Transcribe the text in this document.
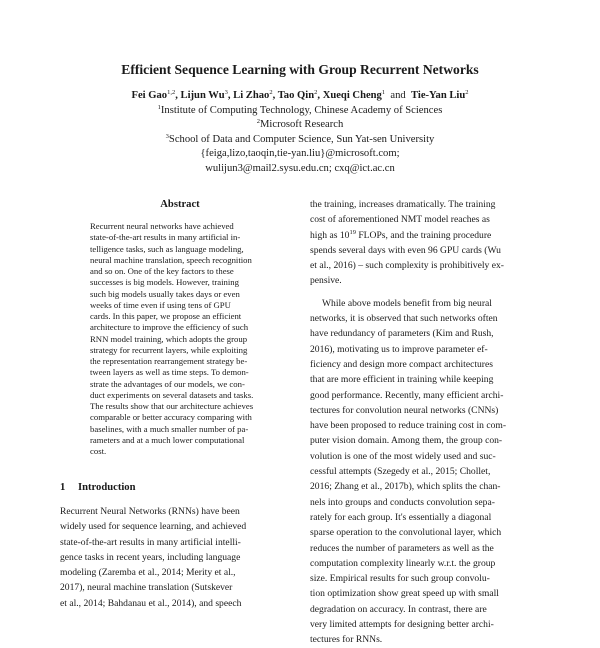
Efficient Sequence Learning with Group Recurrent Networks
Fei Gao$^{1,2}$, Lijun Wu$^3$, Li Zhao$^2$, Tao Qin$^2$, Xueqi Cheng$^1$ and Tie-Yan Liu$^2$
$^1$Institute of Computing Technology, Chinese Academy of Sciences
$^2$Microsoft Research
$^3$School of Data and Computer Science, Sun Yat-sen University
{feiga,lizo,taoqin,tie-yan.liu}@microsoft.com;
wulijun3@mail2.sysu.edu.cn; cxq@ict.ac.cn
Abstract
Recurrent neural networks have achieved
state-of-the-art results in many artificial in-
telligence tasks, such as language modeling,
neural machine translation, speech recognition
and so on. One of the key factors to these
successes is big models. However, training
such big models usually takes days or even
weeks of time even if using tens of GPU
cards. In this paper, we propose an efficient
architecture to improve the efficiency of such
RNN model training, which adopts the group
strategy for recurrent layers, while exploiting
the representation rearrangement strategy be-
tween layers as well as time steps. To demon-
strate the advantages of our models, we con-
duct experiments on several datasets and tasks.
The results show that our architecture achieves
comparable or better accuracy comparing with
baselines, with a much smaller number of pa-
rameters and at a much lower computational
cost.
1 Introduction
Recurrent Neural Networks (RNNs) have been
widely used for sequence learning, and achieved
state-of-the-art results in many artificial intelli-
gence tasks in recent years, including language
modeling (Zaremba et al., 2014; Merity et al.,
2017), neural machine translation (Sutskever
et al., 2014; Bahdanau et al., 2014), and speech
the training, increases dramatically. The training
cost of aforementioned NMT model reaches as
high as $10^{19}$ FLOPs, and the training procedure
spends several days with even 96 GPU cards (Wu
et al., 2016) – such complexity is prohibitively ex-
pensive.
While above models benefit from big neural
networks, it is observed that such networks often
have redundancy of parameters (Kim and Rush,
2016), motivating us to improve parameter ef-
ficiency and design more compact architectures
that are more efficient in training while keeping
good performance. Recently, many efficient archi-
tectures for convolution neural networks (CNNs)
have been proposed to reduce training cost in com-
puter vision domain. Among them, the group con-
volution is one of the most widely used and suc-
cessful attempts (Szegedy et al., 2015; Chollet,
2016; Zhang et al., 2017b), which splits the chan-
nels into groups and conducts convolution sepa-
rately for each group. It's essentially a diagonal
sparse operation to the convolutional layer, which
reduces the number of parameters as well as the
computation complexity linearly w.r.t. the group
size. Empirical results for such group convolu-
tion optimization show great speed up with small
degradation on accuracy. In contrast, there are
very limited attempts for designing better archi-
tectures for RNNs.
